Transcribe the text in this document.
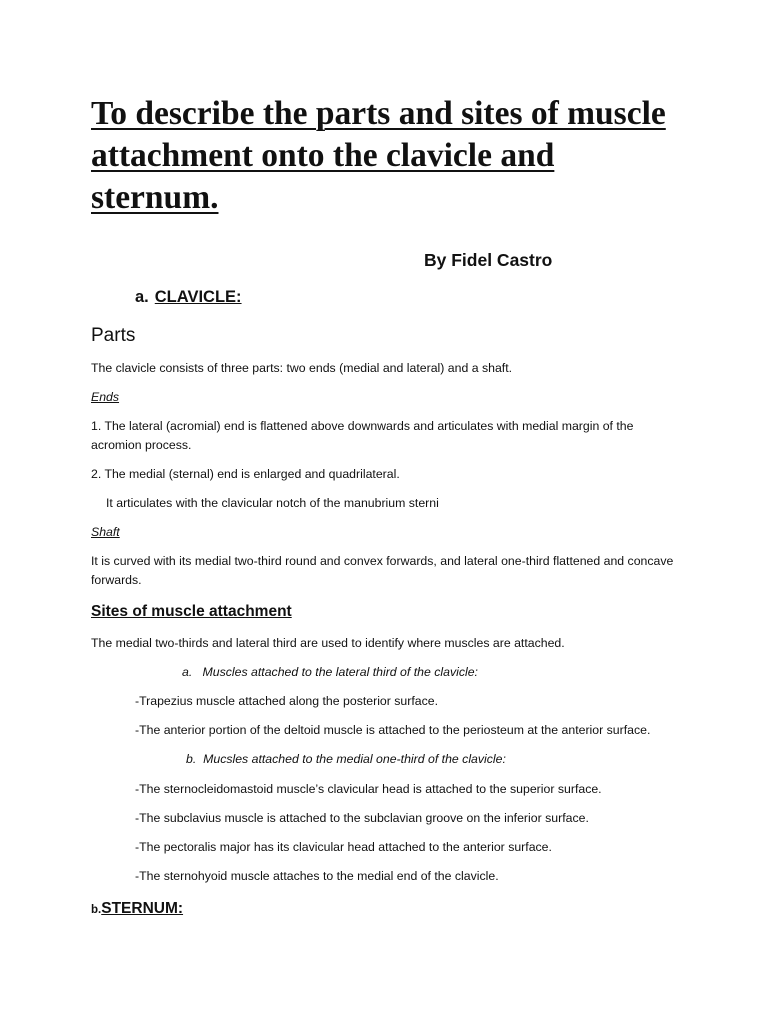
To describe the parts and sites of muscle
attachment onto the clavicle and
sternum.

By Fidel Castro

a. CLAVICLE:

Parts

The clavicle consists of three parts: two ends (medial and lateral) and a shaft.

Ends

1. The lateral (acromial) end is flattened above downwards and articulates with medial margin of the acromion process.

2. The medial (sternal) end is enlarged and quadrilateral.

It articulates with the clavicular notch of the manubrium sterni

Shaft

It is curved with its medial two-third round and convex forwards, and lateral one-third flattened and concave forwards.

Sites of muscle attachment

The medial two-thirds and lateral third are used to identify where muscles are attached.

a. Muscles attached to the lateral third of the clavicle:

-Trapezius muscle attached along the posterior surface.

-The anterior portion of the deltoid muscle is attached to the periosteum at the anterior surface.

b. Mucsles attached to the medial one-third of the clavicle:

-The sternocleidomastoid muscle’s clavicular head is attached to the superior surface.

-The subclavius muscle is attached to the subclavian groove on the inferior surface.

-The pectoralis major has its clavicular head attached to the anterior surface.

-The sternohyoid muscle attaches to the medial end of the clavicle.

b.STERNUM:
